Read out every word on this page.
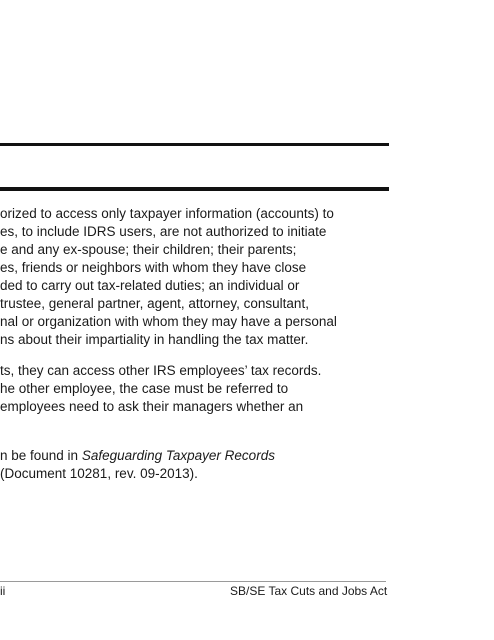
orized to access only taxpayer information (accounts) to

es, to include IDRS users, are not authorized to initiate

e and any ex-spouse; their children; their parents;

es, friends or neighbors with whom they have close

ded to carry out tax-related duties; an individual or

trustee, general partner, agent, attorney, consultant,

nal or organization with whom they may have a personal

ns about their impartiality in handling the tax matter.

ts, they can access other IRS employees’ tax records.

he other employee, the case must be referred to

employees need to ask their managers whether an

n be found in Safeguarding Taxpayer Records

(Document 10281, rev. 09-2013).

ii	SB/SE Tax Cuts and Jobs Act
